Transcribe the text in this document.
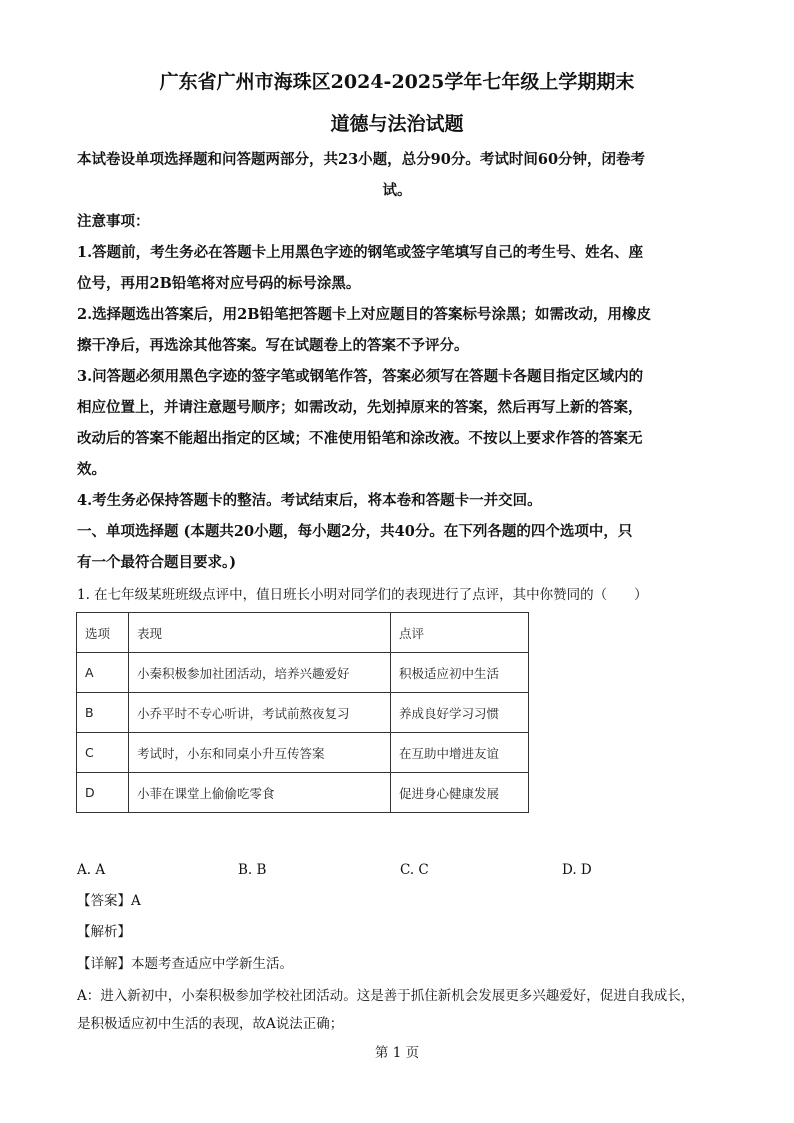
广东省广州市海珠区2024-2025学年七年级上学期期末
道德与法治试题
本试卷设单项选择题和问答题两部分，共23小题，总分90分。考试时间60分钟，闭卷考
试。
注意事项：
1.答题前，考生务必在答题卡上用黑色字迹的钢笔或签字笔填写自己的考生号、姓名、座
位号，再用2B铅笔将对应号码的标号涂黑。
2.选择题选出答案后，用2B铅笔把答题卡上对应题目的答案标号涂黑；如需改动，用橡皮
擦干净后，再选涂其他答案。写在试题卷上的答案不予评分。
3.问答题必须用黑色字迹的签字笔或钢笔作答，答案必须写在答题卡各题目指定区域内的
相应位置上，并请注意题号顺序；如需改动，先划掉原来的答案，然后再写上新的答案，
改动后的答案不能超出指定的区域；不准使用铅笔和涂改液。不按以上要求作答的答案无
效。
4.考生务必保持答题卡的整洁。考试结束后，将本卷和答题卡一并交回。
一、单项选择题 (本题共20小题，每小题2分，共40分。在下列各题的四个选项中，只
有一个最符合题目要求。)
1. 在七年级某班班级点评中，值日班长小明对同学们的表现进行了点评，其中你赞同的（　　）
选项	表现	点评
A	小秦积极参加社团活动，培养兴趣爱好	积极适应初中生活
B	小乔平时不专心听讲，考试前熬夜复习	养成良好学习习惯
C	考试时，小东和同桌小升互传答案	在互助中增进友谊
D	小菲在课堂上偷偷吃零食	促进身心健康发展
A. A	B. B	C. C	D. D
【答案】A
【解析】
【详解】本题考查适应中学新生活。
A：进入新初中，小秦积极参加学校社团活动。这是善于抓住新机会发展更多兴趣爱好，促进自我成长，
是积极适应初中生活的表现，故A说法正确；
第 1 页
